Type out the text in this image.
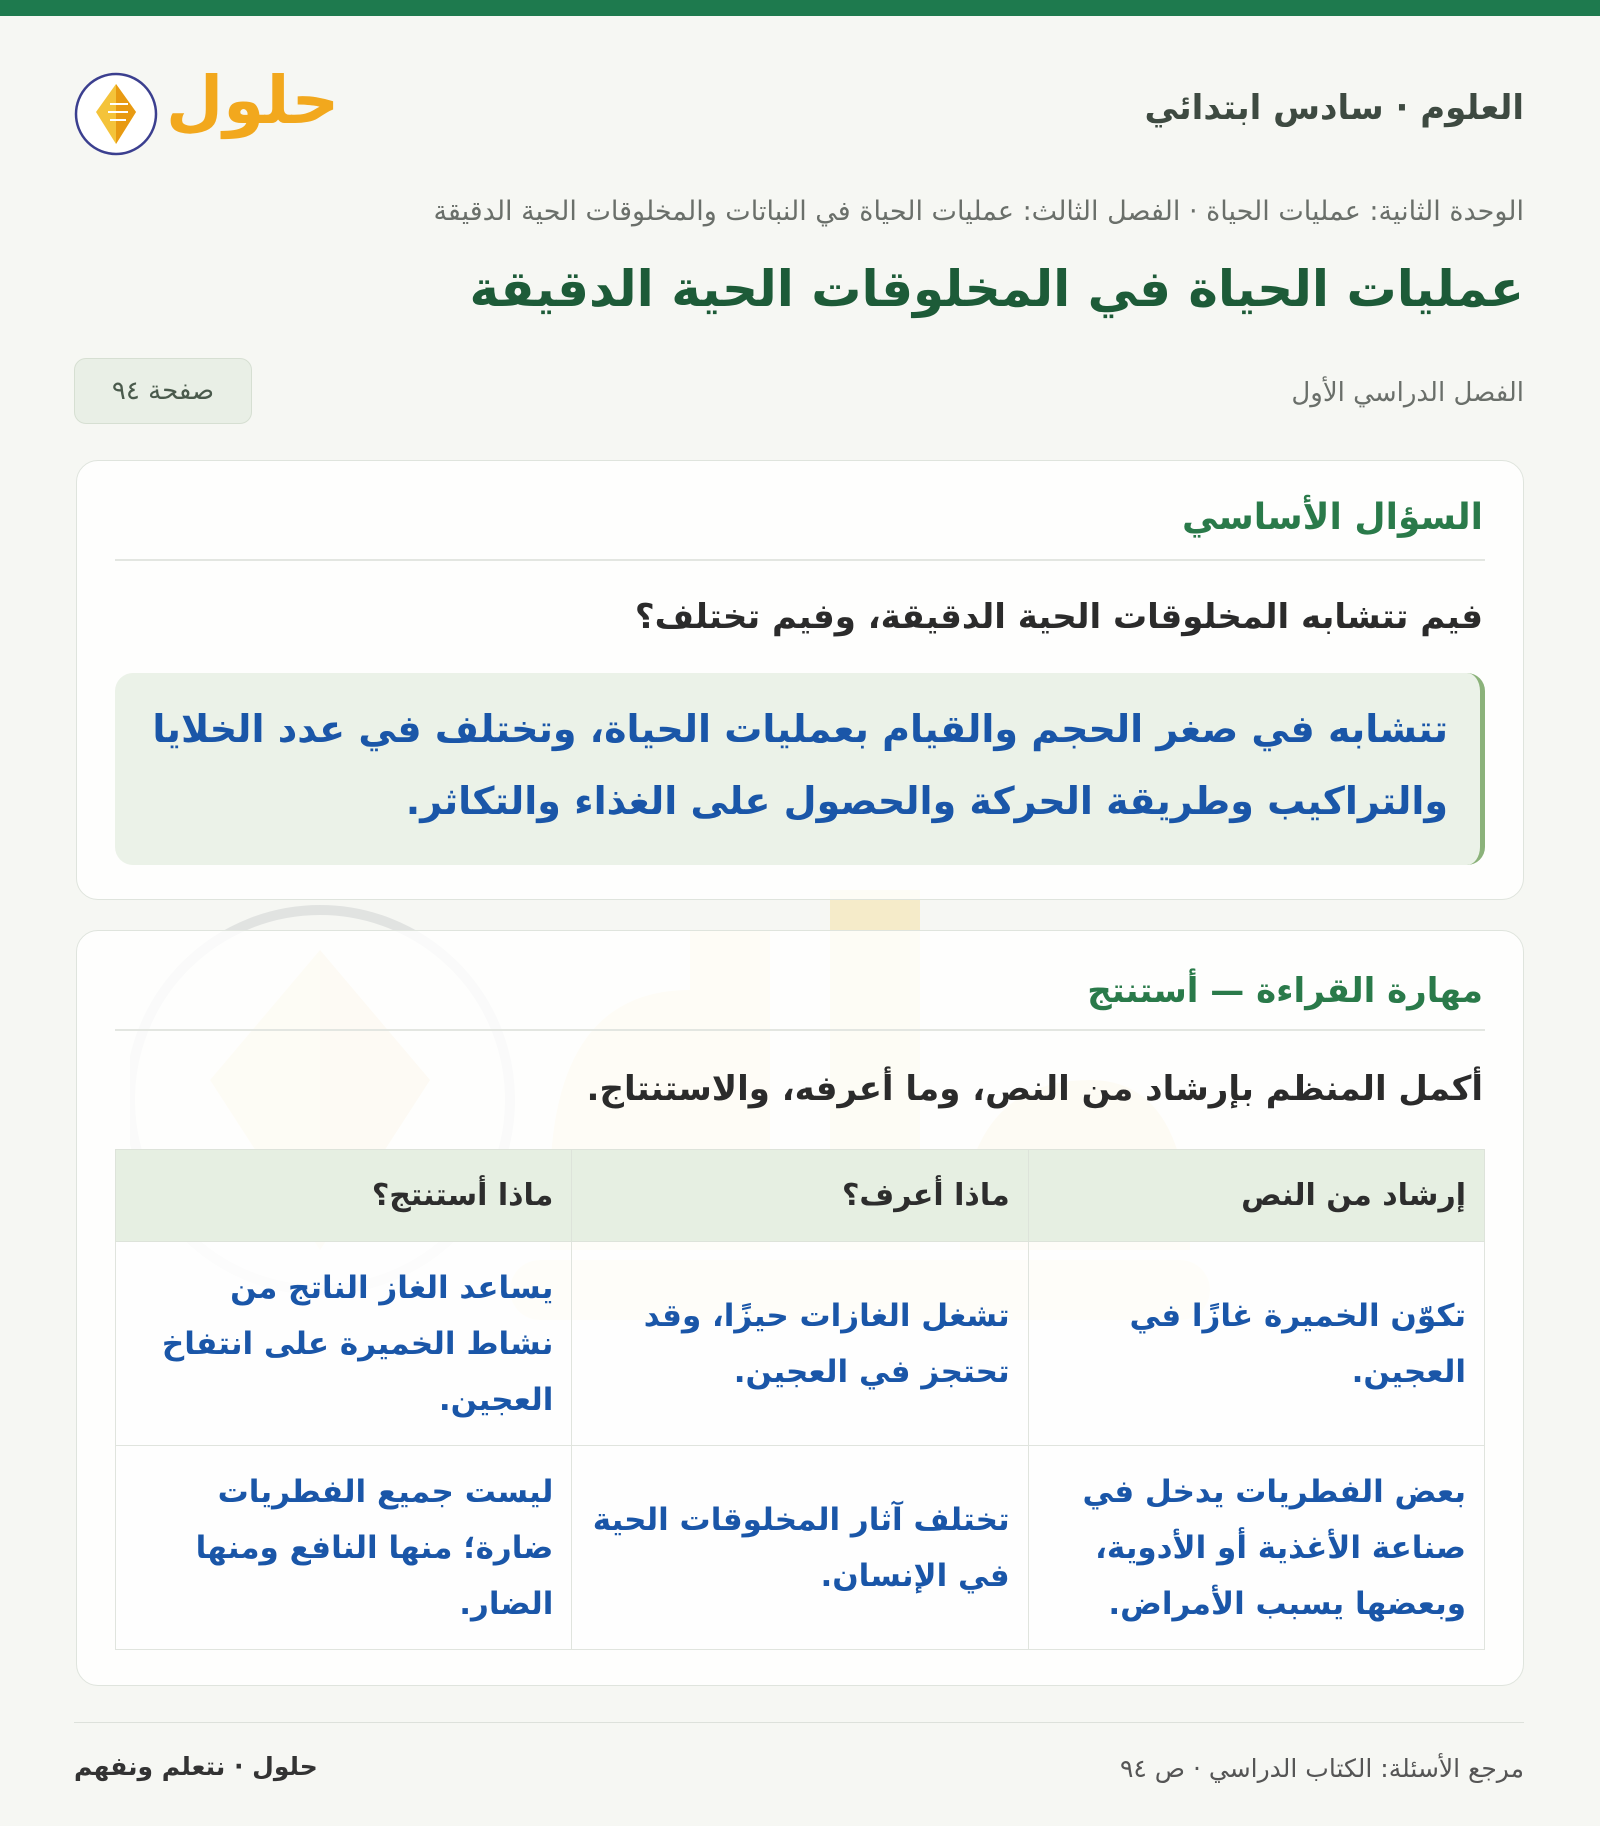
العلوم · سادس ابتدائي
حلول
الوحدة الثانية: عمليات الحياة · الفصل الثالث: عمليات الحياة في النباتات والمخلوقات الحية الدقيقة
عمليات الحياة في المخلوقات الحية الدقيقة
الفصل الدراسي الأول
صفحة ٩٤
السؤال الأساسي
فيم تتشابه المخلوقات الحية الدقيقة، وفيم تختلف؟
تتشابه في صغر الحجم والقيام بعمليات الحياة، وتختلف في عدد الخلايا والتراكيب وطريقة الحركة والحصول على الغذاء والتكاثر.
مهارة القراءة — أستنتج
أكمل المنظم بإرشاد من النص، وما أعرفه، والاستنتاج.
إرشاد من النص	ماذا أعرف؟	ماذا أستنتج؟
تكوّن الخميرة غازًا في العجين.	تشغل الغازات حيزًا، وقد تحتجز في العجين.	يساعد الغاز الناتج من نشاط الخميرة على انتفاخ العجين.
بعض الفطريات يدخل في صناعة الأغذية أو الأدوية، وبعضها يسبب الأمراض.	تختلف آثار المخلوقات الحية في الإنسان.	ليست جميع الفطريات ضارة؛ منها النافع ومنها الضار.
مرجع الأسئلة: الكتاب الدراسي · ص ٩٤
حلول · نتعلم ونفهم
